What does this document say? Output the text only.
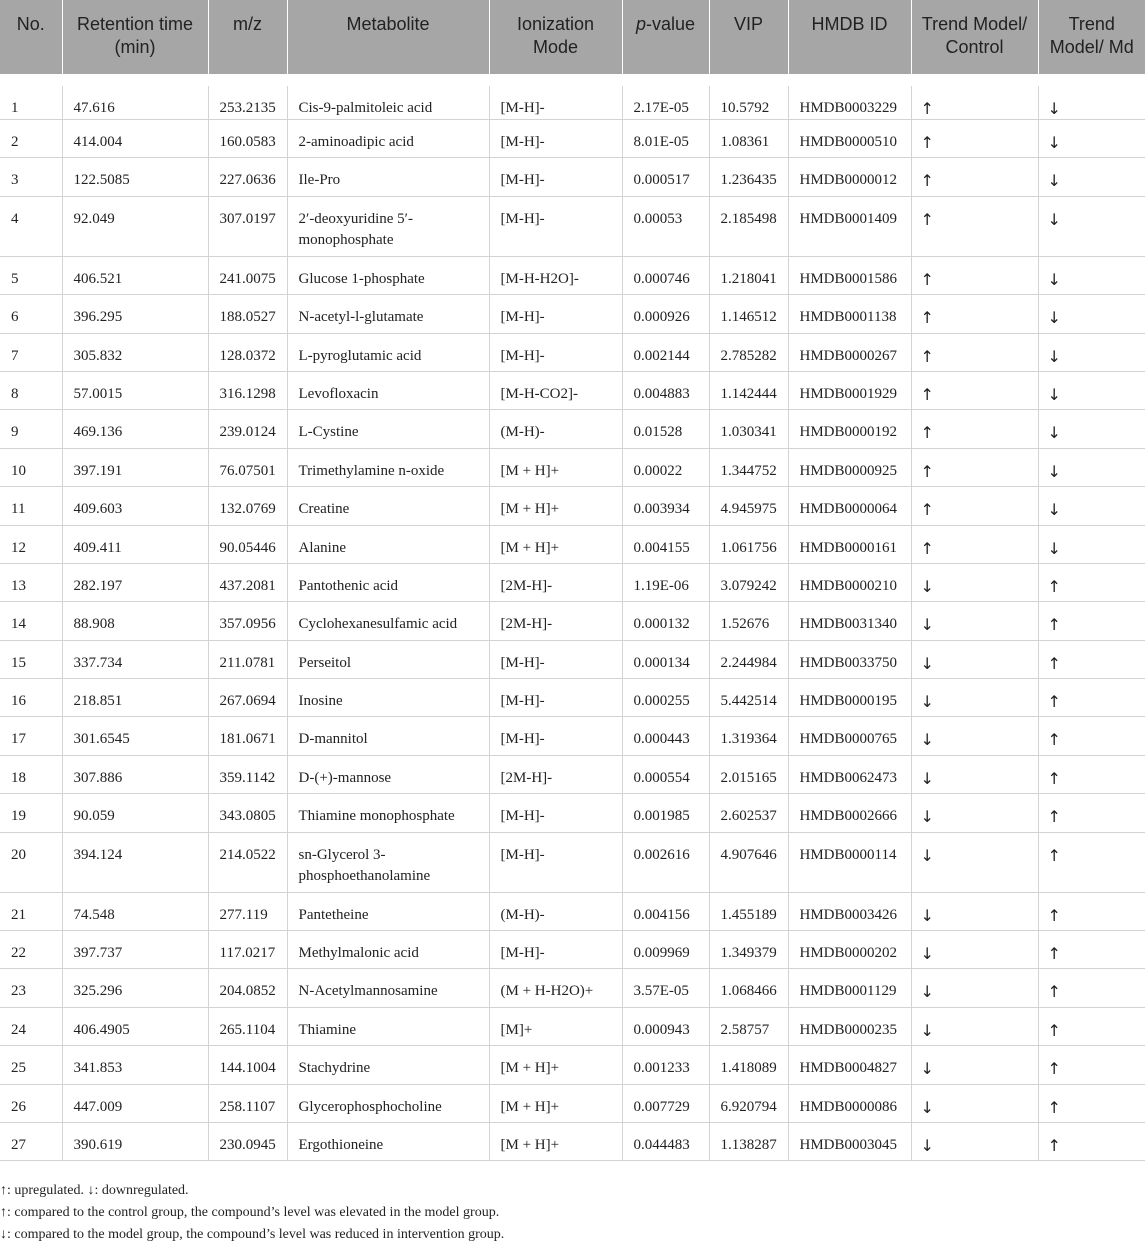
No.	Retention time (min)	m/z	Metabolite	Ionization Mode	p-value	VIP	HMDB ID	Trend Model/ Control	Trend Model/ Md
1	47.616	253.2135	Cis-9-palmitoleic acid	[M-H]-	2.17E-05	10.5792	HMDB0003229	↑	↓
2	414.004	160.0583	2-aminoadipic acid	[M-H]-	8.01E-05	1.08361	HMDB0000510	↑	↓
3	122.5085	227.0636	Ile-Pro	[M-H]-	0.000517	1.236435	HMDB0000012	↑	↓
4	92.049	307.0197	2′-deoxyuridine 5′-monophosphate	[M-H]-	0.00053	2.185498	HMDB0001409	↑	↓
5	406.521	241.0075	Glucose 1-phosphate	[M-H-H2O]-	0.000746	1.218041	HMDB0001586	↑	↓
6	396.295	188.0527	N-acetyl-l-glutamate	[M-H]-	0.000926	1.146512	HMDB0001138	↑	↓
7	305.832	128.0372	L-pyroglutamic acid	[M-H]-	0.002144	2.785282	HMDB0000267	↑	↓
8	57.0015	316.1298	Levofloxacin	[M-H-CO2]-	0.004883	1.142444	HMDB0001929	↑	↓
9	469.136	239.0124	L-Cystine	(M-H)-	0.01528	1.030341	HMDB0000192	↑	↓
10	397.191	76.07501	Trimethylamine n-oxide	[M + H]+	0.00022	1.344752	HMDB0000925	↑	↓
11	409.603	132.0769	Creatine	[M + H]+	0.003934	4.945975	HMDB0000064	↑	↓
12	409.411	90.05446	Alanine	[M + H]+	0.004155	1.061756	HMDB0000161	↑	↓
13	282.197	437.2081	Pantothenic acid	[2M-H]-	1.19E-06	3.079242	HMDB0000210	↓	↑
14	88.908	357.0956	Cyclohexanesulfamic acid	[2M-H]-	0.000132	1.52676	HMDB0031340	↓	↑
15	337.734	211.0781	Perseitol	[M-H]-	0.000134	2.244984	HMDB0033750	↓	↑
16	218.851	267.0694	Inosine	[M-H]-	0.000255	5.442514	HMDB0000195	↓	↑
17	301.6545	181.0671	D-mannitol	[M-H]-	0.000443	1.319364	HMDB0000765	↓	↑
18	307.886	359.1142	D-(+)-mannose	[2M-H]-	0.000554	2.015165	HMDB0062473	↓	↑
19	90.059	343.0805	Thiamine monophosphate	[M-H]-	0.001985	2.602537	HMDB0002666	↓	↑
20	394.124	214.0522	sn-Glycerol 3-phosphoethanolamine	[M-H]-	0.002616	4.907646	HMDB0000114	↓	↑
21	74.548	277.119	Pantetheine	(M-H)-	0.004156	1.455189	HMDB0003426	↓	↑
22	397.737	117.0217	Methylmalonic acid	[M-H]-	0.009969	1.349379	HMDB0000202	↓	↑
23	325.296	204.0852	N-Acetylmannosamine	(M + H-H2O)+	3.57E-05	1.068466	HMDB0001129	↓	↑
24	406.4905	265.1104	Thiamine	[M]+	0.000943	2.58757	HMDB0000235	↓	↑
25	341.853	144.1004	Stachydrine	[M + H]+	0.001233	1.418089	HMDB0004827	↓	↑
26	447.009	258.1107	Glycerophosphocholine	[M + H]+	0.007729	6.920794	HMDB0000086	↓	↑
27	390.619	230.0945	Ergothioneine	[M + H]+	0.044483	1.138287	HMDB0003045	↓	↑

↑: upregulated. ↓: downregulated.

↑: compared to the control group, the compound’s level was elevated in the model group.

↓: compared to the model group, the compound’s level was reduced in intervention group.
